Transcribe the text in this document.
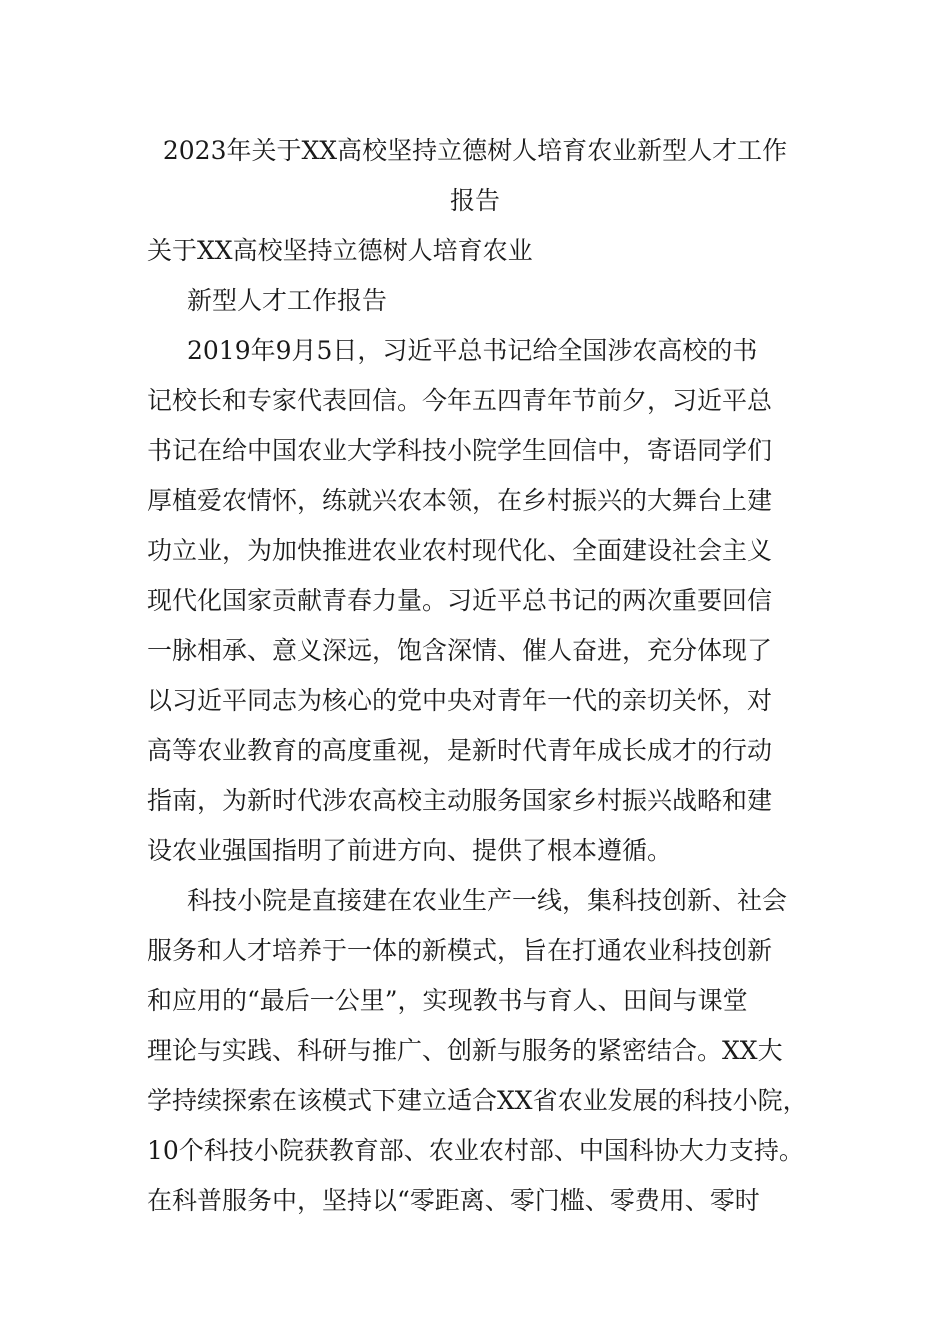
2023年关于XX高校坚持立德树人培育农业新型人才工作
报告
关于XX高校坚持立德树人培育农业
新型人才工作报告
2019年9月5日，习近平总书记给全国涉农高校的书
记校长和专家代表回信。今年五四青年节前夕，习近平总
书记在给中国农业大学科技小院学生回信中，寄语同学们
厚植爱农情怀，练就兴农本领，在乡村振兴的大舞台上建
功立业，为加快推进农业农村现代化、全面建设社会主义
现代化国家贡献青春力量。习近平总书记的两次重要回信
一脉相承、意义深远，饱含深情、催人奋进，充分体现了
以习近平同志为核心的党中央对青年一代的亲切关怀，对
高等农业教育的高度重视，是新时代青年成长成才的行动
指南，为新时代涉农高校主动服务国家乡村振兴战略和建
设农业强国指明了前进方向、提供了根本遵循。
科技小院是直接建在农业生产一线，集科技创新、社会
服务和人才培养于一体的新模式，旨在打通农业科技创新
和应用的“最后一公里”，实现教书与育人、田间与课堂
理论与实践、科研与推广、创新与服务的紧密结合。XX大
学持续探索在该模式下建立适合XX省农业发展的科技小院，
10个科技小院获教育部、农业农村部、中国科协大力支持。
在科普服务中，坚持以“零距离、零门槛、零费用、零时
